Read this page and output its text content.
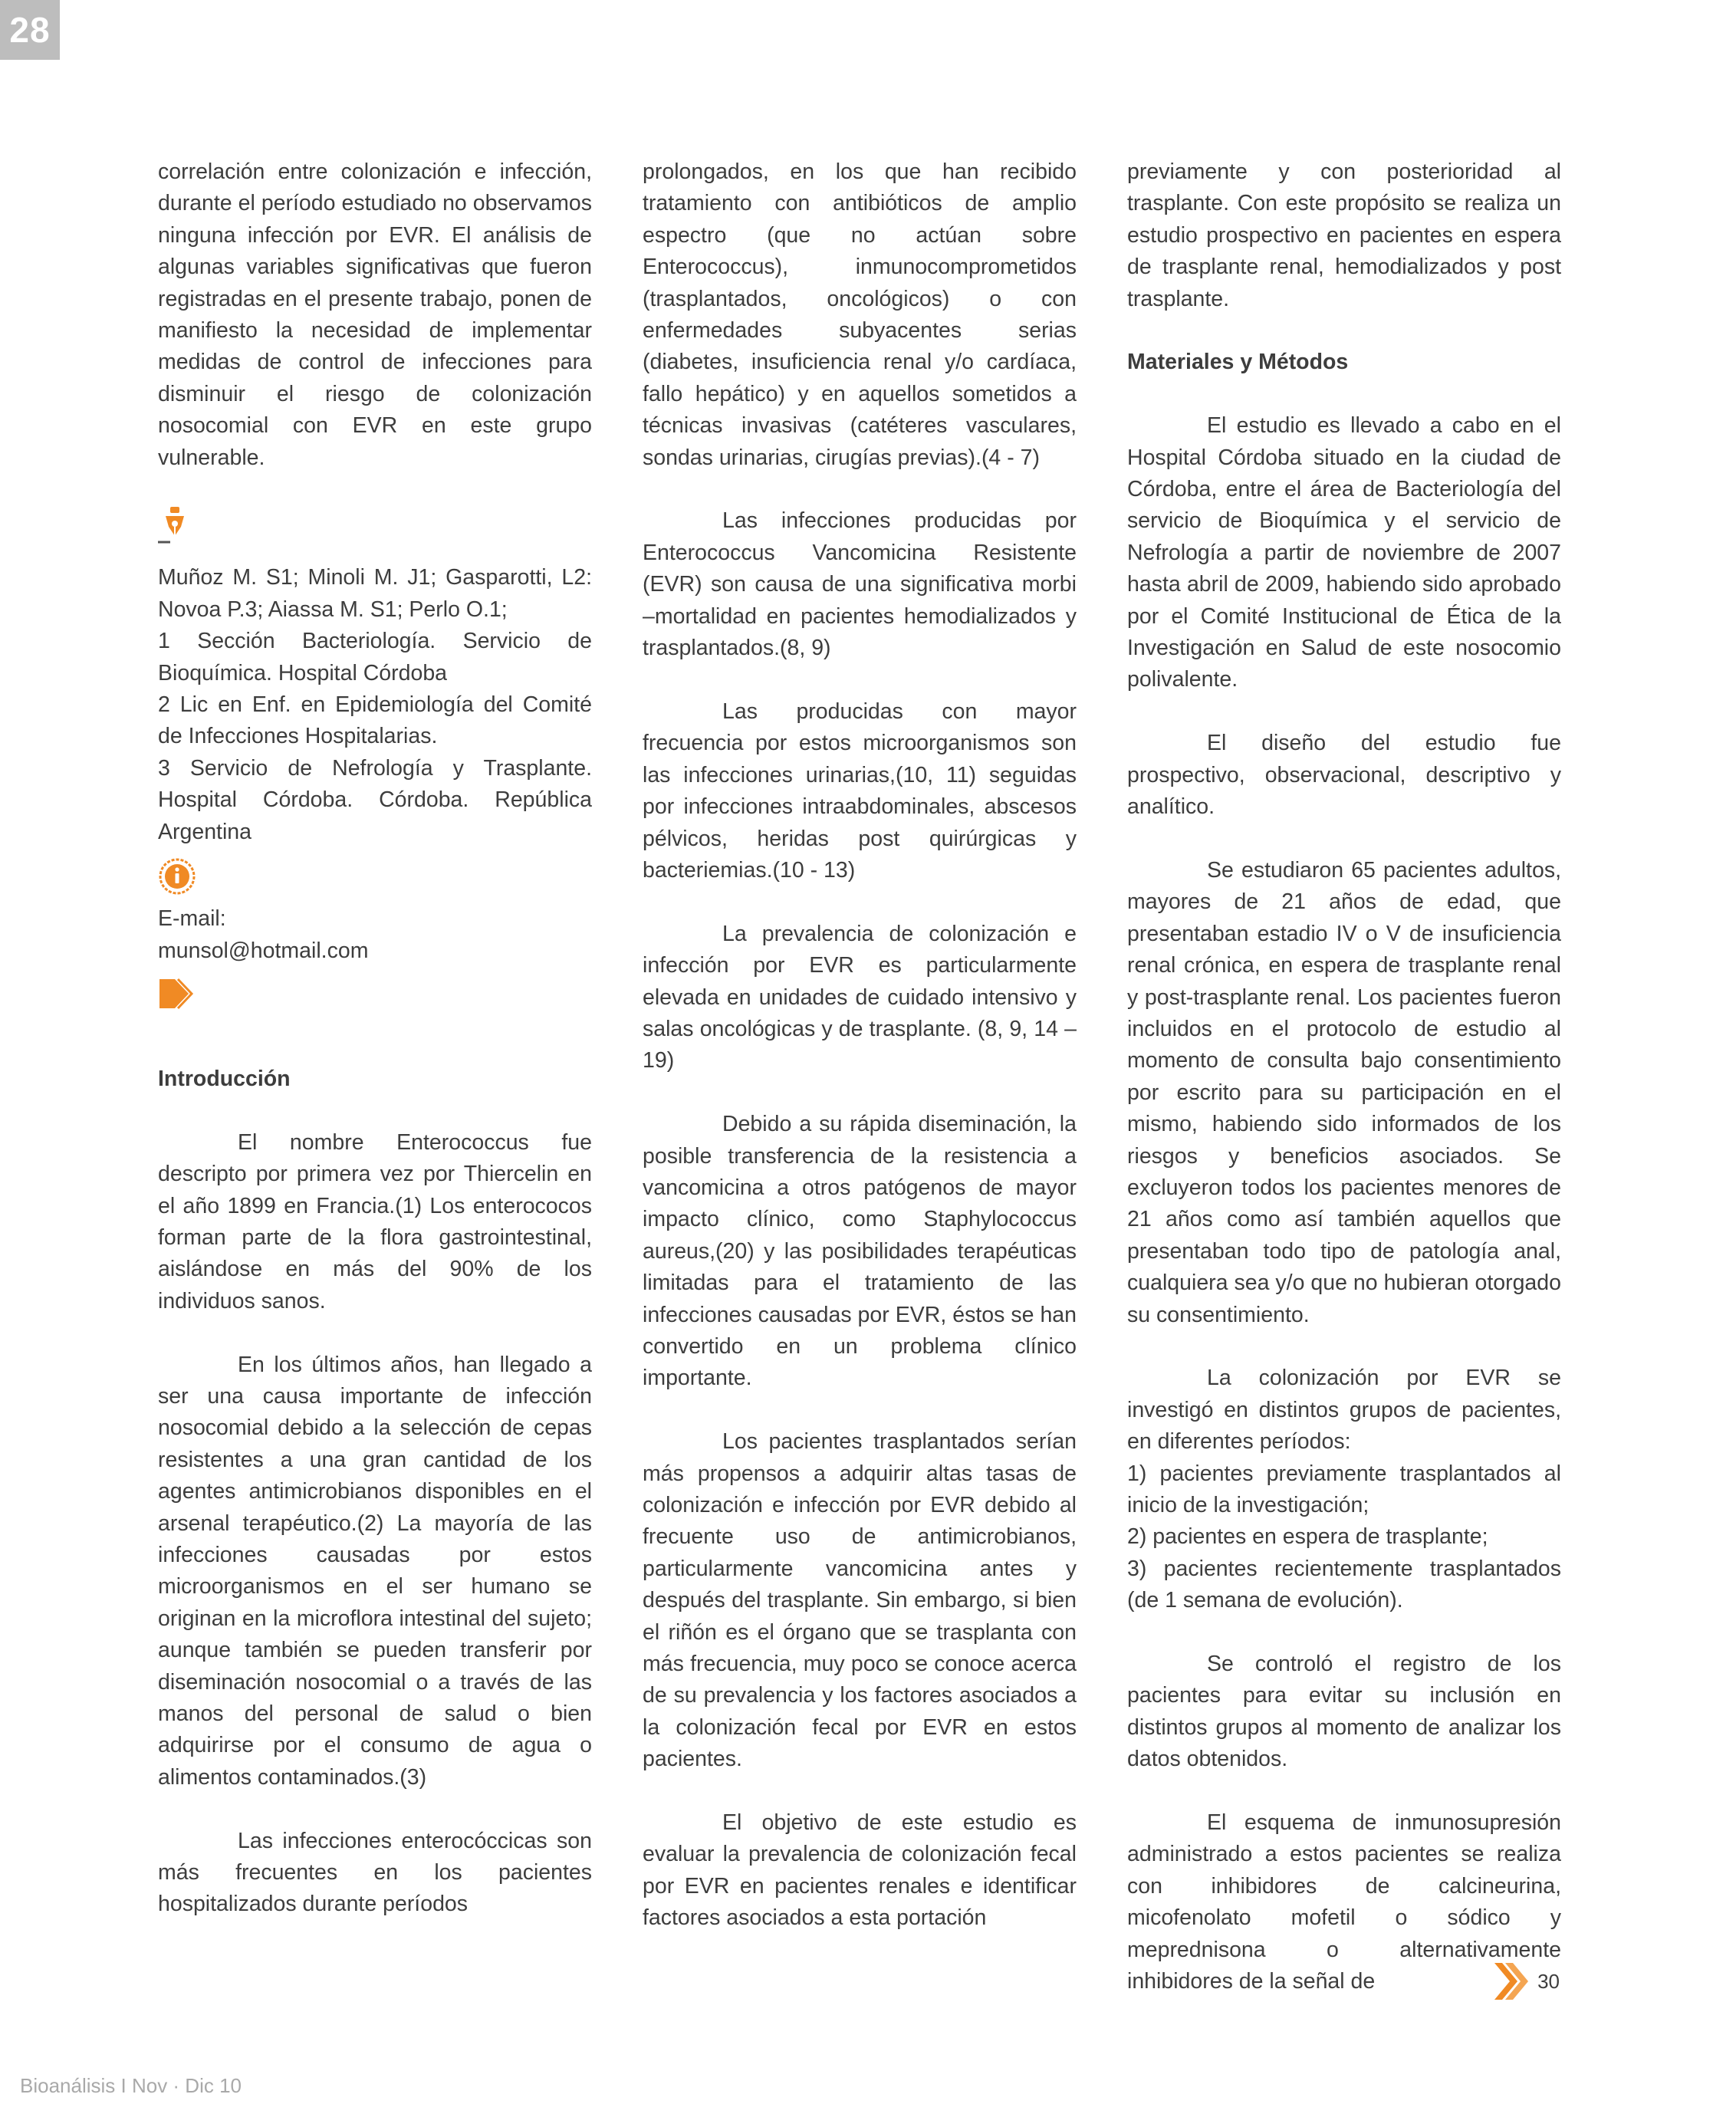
28

correlación entre colonización e infección, durante el período estudiado no observamos ninguna infección por EVR. El análisis de algunas variables significativas que fueron registradas en el presente trabajo, ponen de manifiesto la necesidad de implementar medidas de control de infecciones para disminuir el riesgo de colonización nosocomial con EVR en este grupo vulnerable.

Muñoz M. S1; Minoli M. J1; Gasparotti, L2: Novoa P.3; Aiassa M. S1; Perlo O.1;

1 Sección Bacteriología. Servicio de Bioquímica. Hospital Córdoba

2 Lic en Enf. en Epidemiología del Comité de Infecciones Hospitalarias.

3 Servicio de Nefrología y Trasplante. Hospital Córdoba. Córdoba. República Argentina

E-mail:

munsol@hotmail.com

Introducción

El nombre Enterococcus fue descripto por primera vez por Thiercelin en el año 1899 en Francia.(1) Los enterococos forman parte de la flora gastrointestinal, aislándose en más del 90% de los individuos sanos.

En los últimos años, han llegado a ser una causa importante de infección nosocomial debido a la selección de cepas resistentes a una gran cantidad de los agentes antimicrobianos disponibles en el arsenal terapéutico.(2) La mayoría de las infecciones causadas por estos microorganismos en el ser humano se originan en la microflora intestinal del sujeto; aunque también se pueden transferir por diseminación nosocomial o a través de las manos del personal de salud o bien adquirirse por el consumo de agua o alimentos contaminados.(3)

Las infecciones enterocóccicas son más frecuentes en los pacientes hospitalizados durante períodos

prolongados, en los que han recibido tratamiento con antibióticos de amplio espectro (que no actúan sobre Enterococcus), inmunocomprometidos (trasplantados, oncológicos) o con enfermedades subyacentes serias (diabetes, insuficiencia renal y/o cardíaca, fallo hepático) y en aquellos sometidos a técnicas invasivas (catéteres vasculares, sondas urinarias, cirugías previas).(4 - 7)

Las infecciones producidas por Enterococcus Vancomicina Resistente (EVR) son causa de una significativa morbi –mortalidad en pacientes hemodializados y trasplantados.(8, 9)

Las producidas con mayor frecuencia por estos microorganismos son las infecciones urinarias,(10, 11) seguidas por infecciones intraabdominales, abscesos pélvicos, heridas post quirúrgicas y bacteriemias.(10 - 13)

La prevalencia de colonización e infección por EVR es particularmente elevada en unidades de cuidado intensivo y salas oncológicas y de trasplante. (8, 9, 14 – 19)

Debido a su rápida diseminación, la posible transferencia de la resistencia a vancomicina a otros patógenos de mayor impacto clínico, como Staphylococcus aureus,(20) y las posibilidades terapéuticas limitadas para el tratamiento de las infecciones causadas por EVR, éstos se han convertido en un problema clínico importante.

Los pacientes trasplantados serían más propensos a adquirir altas tasas de colonización e infección por EVR debido al frecuente uso de antimicrobianos, particularmente vancomicina antes y después del trasplante. Sin embargo, si bien el riñón es el órgano que se trasplanta con más frecuencia, muy poco se conoce acerca de su prevalencia y los factores asociados a la colonización fecal por EVR en estos pacientes.

El objetivo de este estudio es evaluar la prevalencia de colonización fecal por EVR en pacientes renales e identificar factores asociados a esta portación

previamente y con posterioridad al trasplante. Con este propósito se realiza un estudio prospectivo en pacientes en espera de trasplante renal, hemodializados y post trasplante.

Materiales y Métodos

El estudio es llevado a cabo en el Hospital Córdoba situado en la ciudad de Córdoba, entre el área de Bacteriología del servicio de Bioquímica y el servicio de Nefrología a partir de noviembre de 2007 hasta abril de 2009, habiendo sido aprobado por el Comité Institucional de Ética de la Investigación en Salud de este nosocomio polivalente.

El diseño del estudio fue prospectivo, observacional, descriptivo y analítico.

Se estudiaron 65 pacientes adultos, mayores de 21 años de edad, que presentaban estadio IV o V de insuficiencia renal crónica, en espera de trasplante renal y post-trasplante renal. Los pacientes fueron incluidos en el protocolo de estudio al momento de consulta bajo consentimiento por escrito para su participación en el mismo, habiendo sido informados de los riesgos y beneficios asociados. Se excluyeron todos los pacientes menores de 21 años como así también aquellos que presentaban todo tipo de patología anal, cualquiera sea y/o que no hubieran otorgado su consentimiento.

La colonización por EVR se investigó en distintos grupos de pacientes, en diferentes períodos:

1) pacientes previamente trasplantados al inicio de la investigación;

2) pacientes en espera de trasplante;

3) pacientes recientemente trasplantados (de 1 semana de evolución).

Se controló el registro de los pacientes para evitar su inclusión en distintos grupos al momento de analizar los datos obtenidos.

El esquema de inmunosupresión administrado a estos pacientes se realiza con inhibidores de calcineurina, micofenolato mofetil o sódico y meprednisona o alternativamente inhibidores de la señal de	30
Bioanálisis I Nov · Dic 10
